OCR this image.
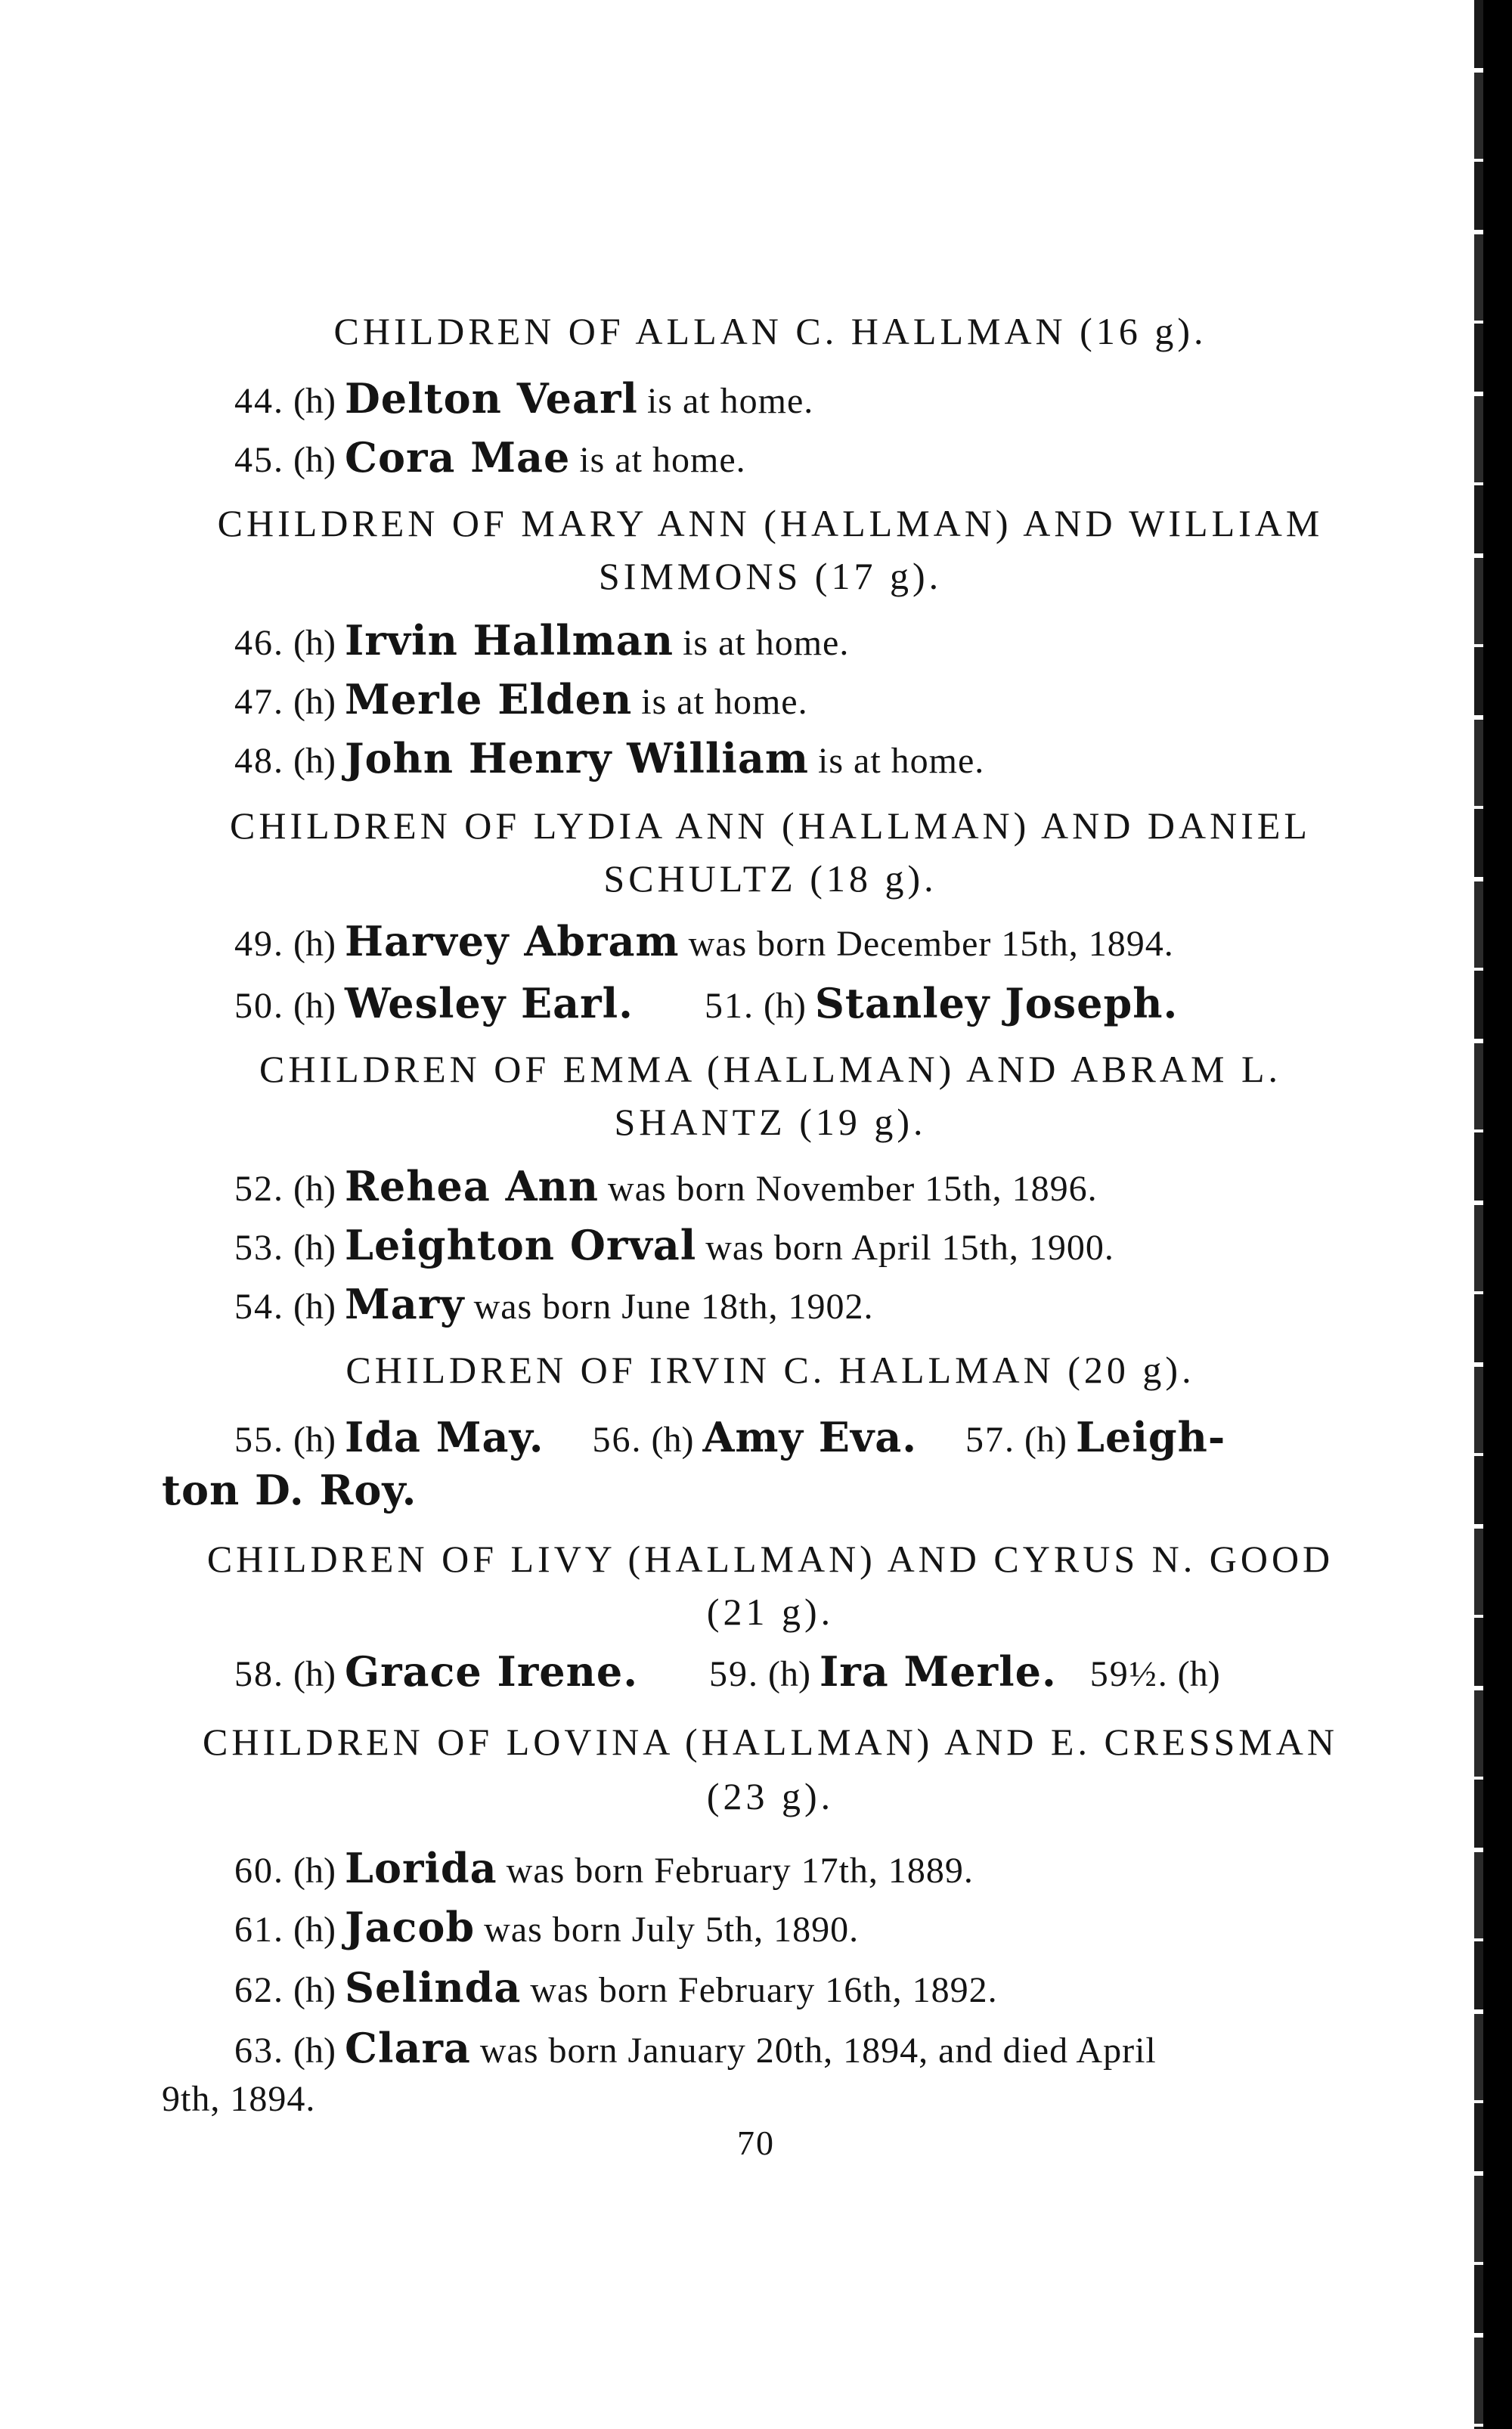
CHILDREN OF ALLAN C. HALLMAN (16 g).
44. (h) Delton Vearl is at home.
45. (h) Cora Mae is at home.
CHILDREN OF MARY ANN (HALLMAN) AND WILLIAM
SIMMONS (17 g).
46. (h) Irvin Hallman is at home.
47. (h) Merle Elden is at home.
48. (h) John Henry William is at home.
CHILDREN OF LYDIA ANN (HALLMAN) AND DANIEL
SCHULTZ (18 g).
49. (h) Harvey Abram was born December 15th, 1894.
50. (h) Wesley Earl. 51. (h) Stanley Joseph.
CHILDREN OF EMMA (HALLMAN) AND ABRAM L.
SHANTZ (19 g).
52. (h) Rehea Ann was born November 15th, 1896.
53. (h) Leighton Orval was born April 15th, 1900.
54. (h) Mary was born June 18th, 1902.
CHILDREN OF IRVIN C. HALLMAN (20 g).
55. (h) Ida May. 56. (h) Amy Eva. 57. (h) Leigh-
ton D. Roy.
CHILDREN OF LIVY (HALLMAN) AND CYRUS N. GOOD
(21 g).
58. (h) Grace Irene. 59. (h) Ira Merle. 59½. (h)
CHILDREN OF LOVINA (HALLMAN) AND E. CRESSMAN
(23 g).
60. (h) Lorida was born February 17th, 1889.
61. (h) Jacob was born July 5th, 1890.
62. (h) Selinda was born February 16th, 1892.
63. (h) Clara was born January 20th, 1894, and died April
9th, 1894.
70
